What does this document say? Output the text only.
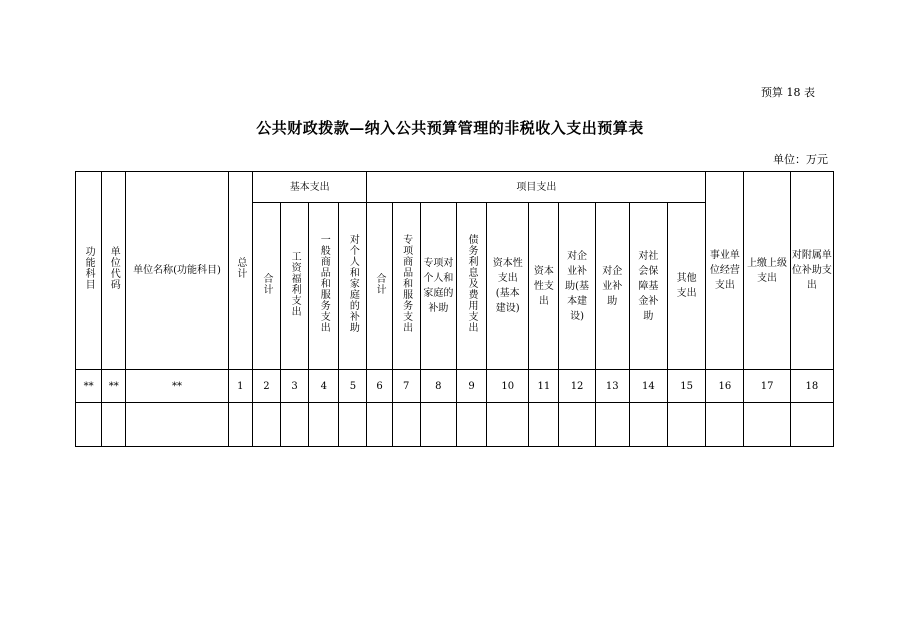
预算 18 表
公共财政拨款—纳入公共预算管理的非税收入支出预算表
单位：万元
功能科目	单位代码	单位名称(功能科目)	总计	基本支出				项目支出										事业单位经营支出	上缴上级支出	对附属单位补助支出

				合计	工资福利支出	一般商品和服务支出	对个人和家庭的补助	合计	专项商品和服务支出	专项对个人和家庭的补助	债务利息及费用支出	资本性支出(基本建设)	资本性支出	对企业补助(基本建设)	对企业补助	对社会保障基金补助	其他支出			

**	**	**	1	2	3	4	5	6	7	8	9	10	11	12	13	14	15	16	17	18
